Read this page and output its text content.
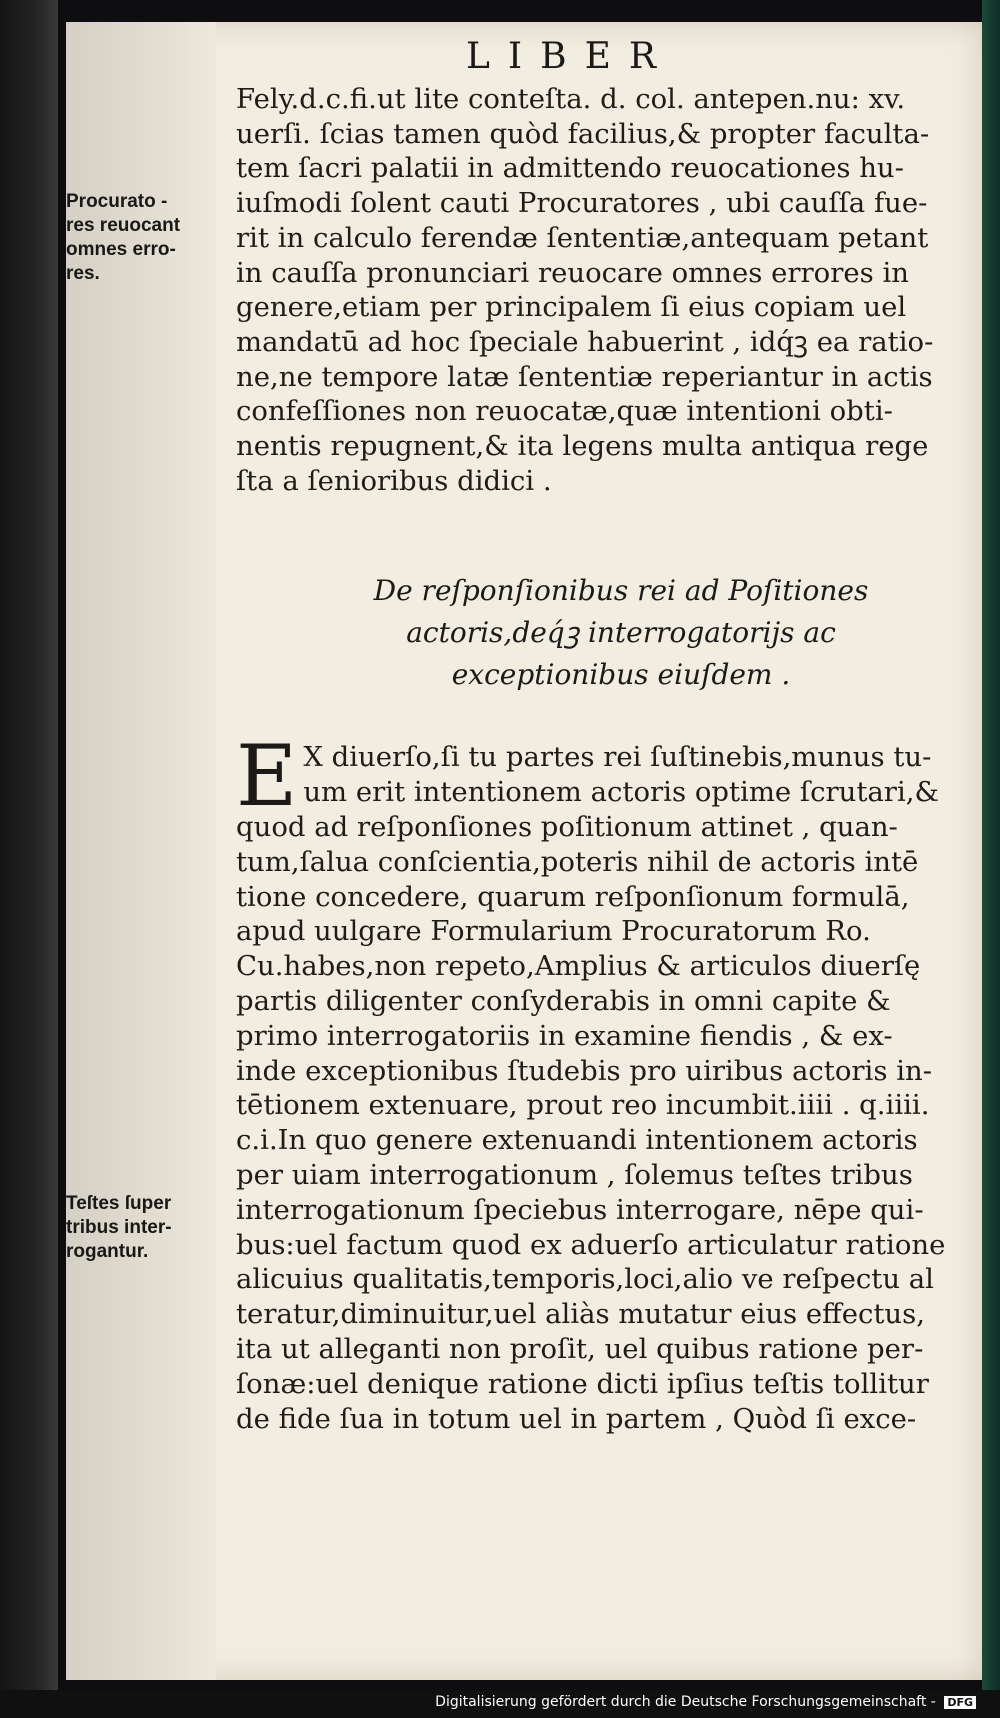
LIBER
Procurato -
res reuocant
omnes erro-
res.
Fely.d.c.fi.ut lite conteſta. d. col. antepen.nu: xv.
uerſi. ſcias tamen quòd facilius,& propter faculta-
tem ſacri palatii in admittendo reuocationes hu-
iuſmodi ſolent cauti Procuratores , ubi cauſſa fue-
rit in calculo ferendæ ſententiæ,antequam petant
in cauſſa pronunciari reuocare omnes errores in
genere,etiam per principalem ſi eius copiam uel
mandatū ad hoc ſpeciale habuerint , idq́ꝫ ea ratio-
ne,ne tempore latæ ſententiæ reperiantur in actis
confeſſiones non reuocatæ,quæ intentioni obti-
nentis repugnent,& ita legens multa antiqua rege
ſta a ſenioribus didici .
De reſponſionibus rei ad Poſitiones
actoris,deq́ꝫ interrogatorijs ac
exceptionibus eiuſdem .
E X diuerſo,ſi tu partes rei ſuſtinebis,munus tu-
um erit intentionem actoris optime ſcrutari,&
quod ad reſponſiones poſitionum attinet , quan-
tum,ſalua conſcientia,poteris nihil de actoris intē
tione concedere, quarum reſponſionum formulā,
apud uulgare Formularium Procuratorum Ro.
Cu.habes,non repeto,Amplius & articulos diuerſę
partis diligenter conſyderabis in omni capite &
primo interrogatoriis in examine fiendis , & ex-
inde exceptionibus ſtudebis pro uiribus actoris in-
tētionem extenuare, prout reo incumbit.iiii . q.iiii.
c.i.In quo genere extenuandi intentionem actoris
per uiam interrogationum , ſolemus teſtes tribus
interrogationum ſpeciebus interrogare, nēpe qui-
bus:uel factum quod ex aduerſo articulatur ratione
alicuius qualitatis,temporis,loci,alio ve reſpectu al
teratur,diminuitur,uel aliàs mutatur eius effectus,
ita ut alleganti non proſit, uel quibus ratione per-
ſonæ:uel denique ratione dicti ipſius teſtis tollitur
de fide ſua in totum uel in partem , Quòd ſi exce-
Teſtes ſuper
tribus inter-
rogantur.
Digitalisierung gefördert durch die Deutsche Forschungsgemeinschaft - DFG
